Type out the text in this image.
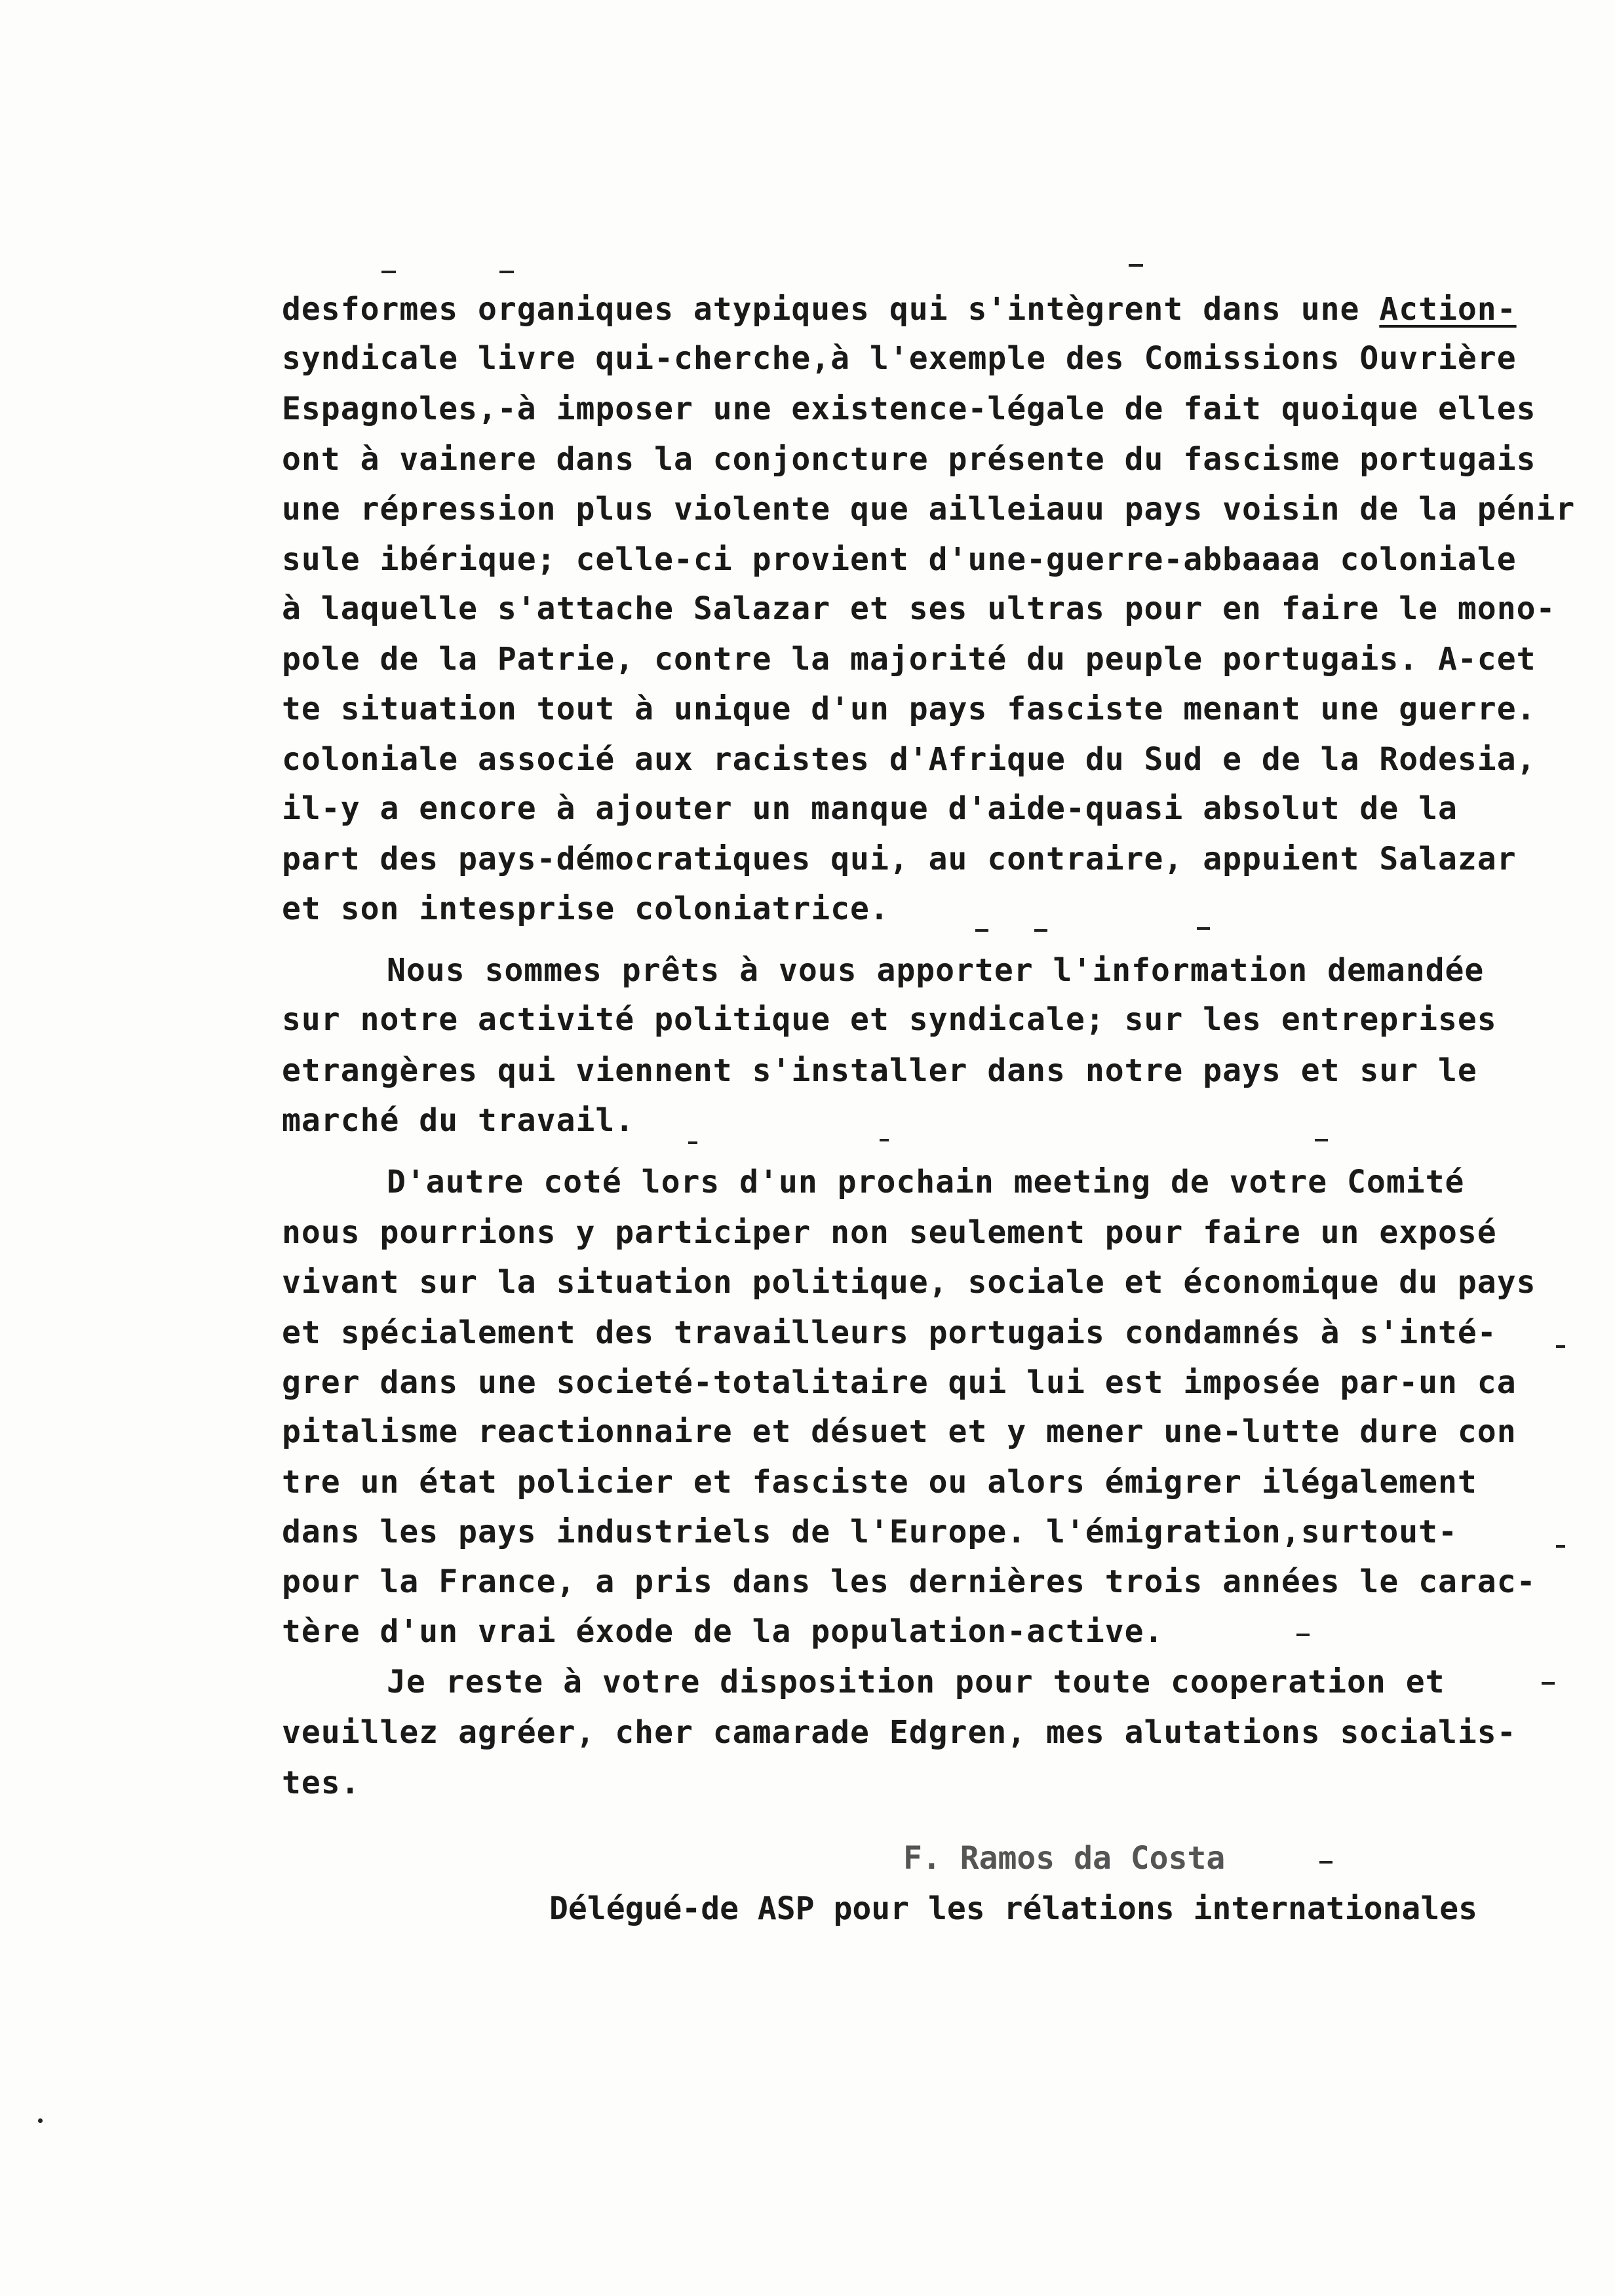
desformes organiques atypiques qui s'intègrent dans une Action-
syndicale livre qui-cherche,à l'exemple des Comissions Ouvrière
Espagnoles,-à imposer une existence-légale de fait quoique elles
ont à vainere dans la conjoncture présente du fascisme portugais
une répression plus violente que ailleiauu pays voisin de la pénir
sule ibérique; celle-ci provient d'une-guerre-abbaaaa coloniale
à laquelle s'attache Salazar et ses ultras pour en faire le mono-
pole de la Patrie, contre la majorité du peuple portugais. A-cet
te situation tout à unique d'un pays fasciste menant une guerre.
coloniale associé aux racistes d'Afrique du Sud e de la Rodesia,
il-y a encore à ajouter un manque d'aide-quasi absolut de la
part des pays-démocratiques qui, au contraire, appuient Salazar
et son intesprise coloniatrice.
Nous sommes prêts à vous apporter l'information demandée
sur notre activité politique et syndicale; sur les entreprises
etrangères qui viennent s'installer dans notre pays et sur le
marché du travail.
D'autre coté lors d'un prochain meeting de votre Comité
nous pourrions y participer non seulement pour faire un exposé
vivant sur la situation politique, sociale et économique du pays
et spécialement des travailleurs portugais condamnés à s'inté-
grer dans une societé-totalitaire qui lui est imposée par-un ca
pitalisme reactionnaire et désuet et y mener une-lutte dure con
tre un état policier et fasciste ou alors émigrer ilégalement
dans les pays industriels de l'Europe. l'émigration,surtout-
pour la France, a pris dans les dernières trois années le carac-
tère d'un vrai éxode de la population-active.
Je reste à votre disposition pour toute cooperation et
veuillez agréer, cher camarade Edgren, mes alutations socialis-
tes.
F. Ramos da Costa
Délégué-de ASP pour les rélations internationales
